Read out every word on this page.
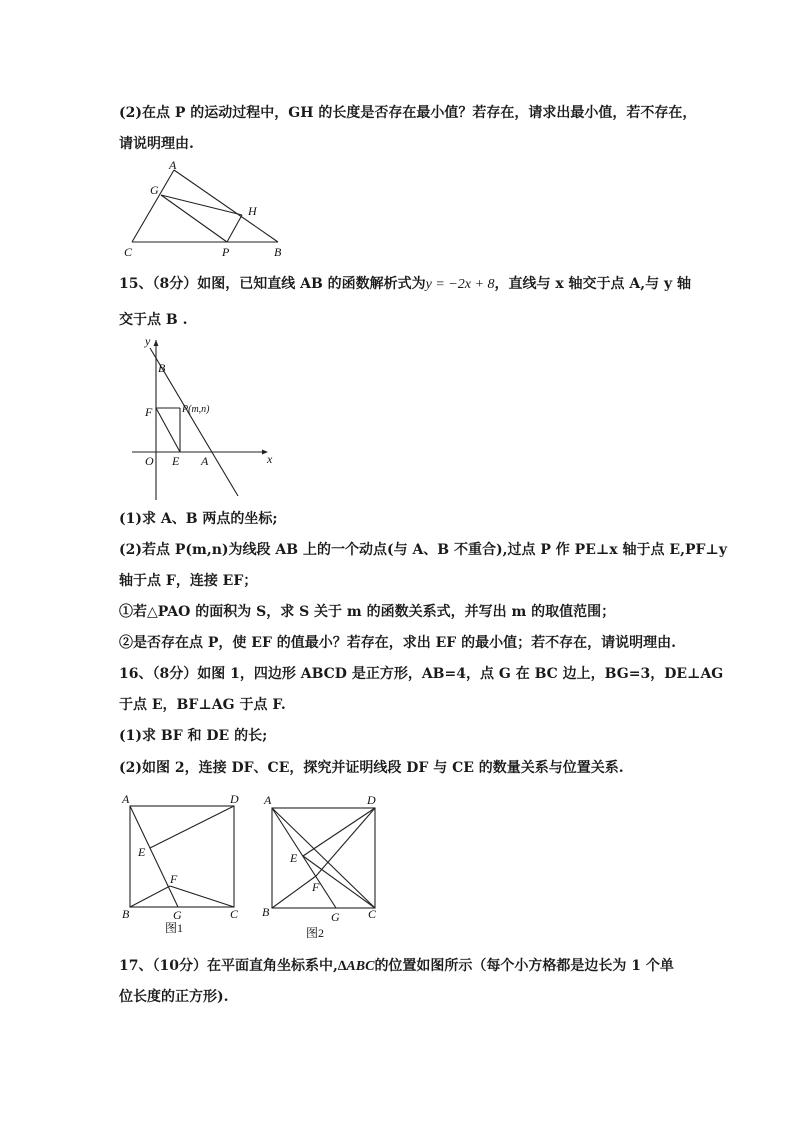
(2)在点 P 的运动过程中，GH 的长度是否存在最小值？若存在，请求出最小值，若不存在，
请说明理由.
A
G
H
C	P	B
15、（8分）如图，已知直线 AB 的函数解析式为y = −2x + 8，直线与 x 轴交于点 A,与 y 轴
交于点 B .
y
B
F	P(m,n)
O E A	x
(1)求 A、B 两点的坐标;
(2)若点 P(m,n)为线段 AB 上的一个动点(与 A、B 不重合),过点 P 作 PE⊥x 轴于点 E,PF⊥y
轴于点 F，连接 EF；
①若△PAO 的面积为 S，求 S 关于 m 的函数关系式，并写出 m 的取值范围；
②是否存在点 P，使 EF 的值最小？若存在，求出 EF 的最小值；若不存在，请说明理由.
16、（8分）如图 1，四边形 ABCD 是正方形，AB=4，点 G 在 BC 边上，BG=3，DE⊥AG
于点 E，BF⊥AG 于点 F.
(1)求 BF 和 DE 的长;
(2)如图 2，连接 DF、CE，探究并证明线段 DF 与 CE 的数量关系与位置关系.
A	D
E
F
B	G	C
图1
A	D
E
F
B	G C
图2
17、（10分）在平面直角坐标系中,∆ABC的位置如图所示（每个小方格都是边长为 1 个单
位长度的正方形).
